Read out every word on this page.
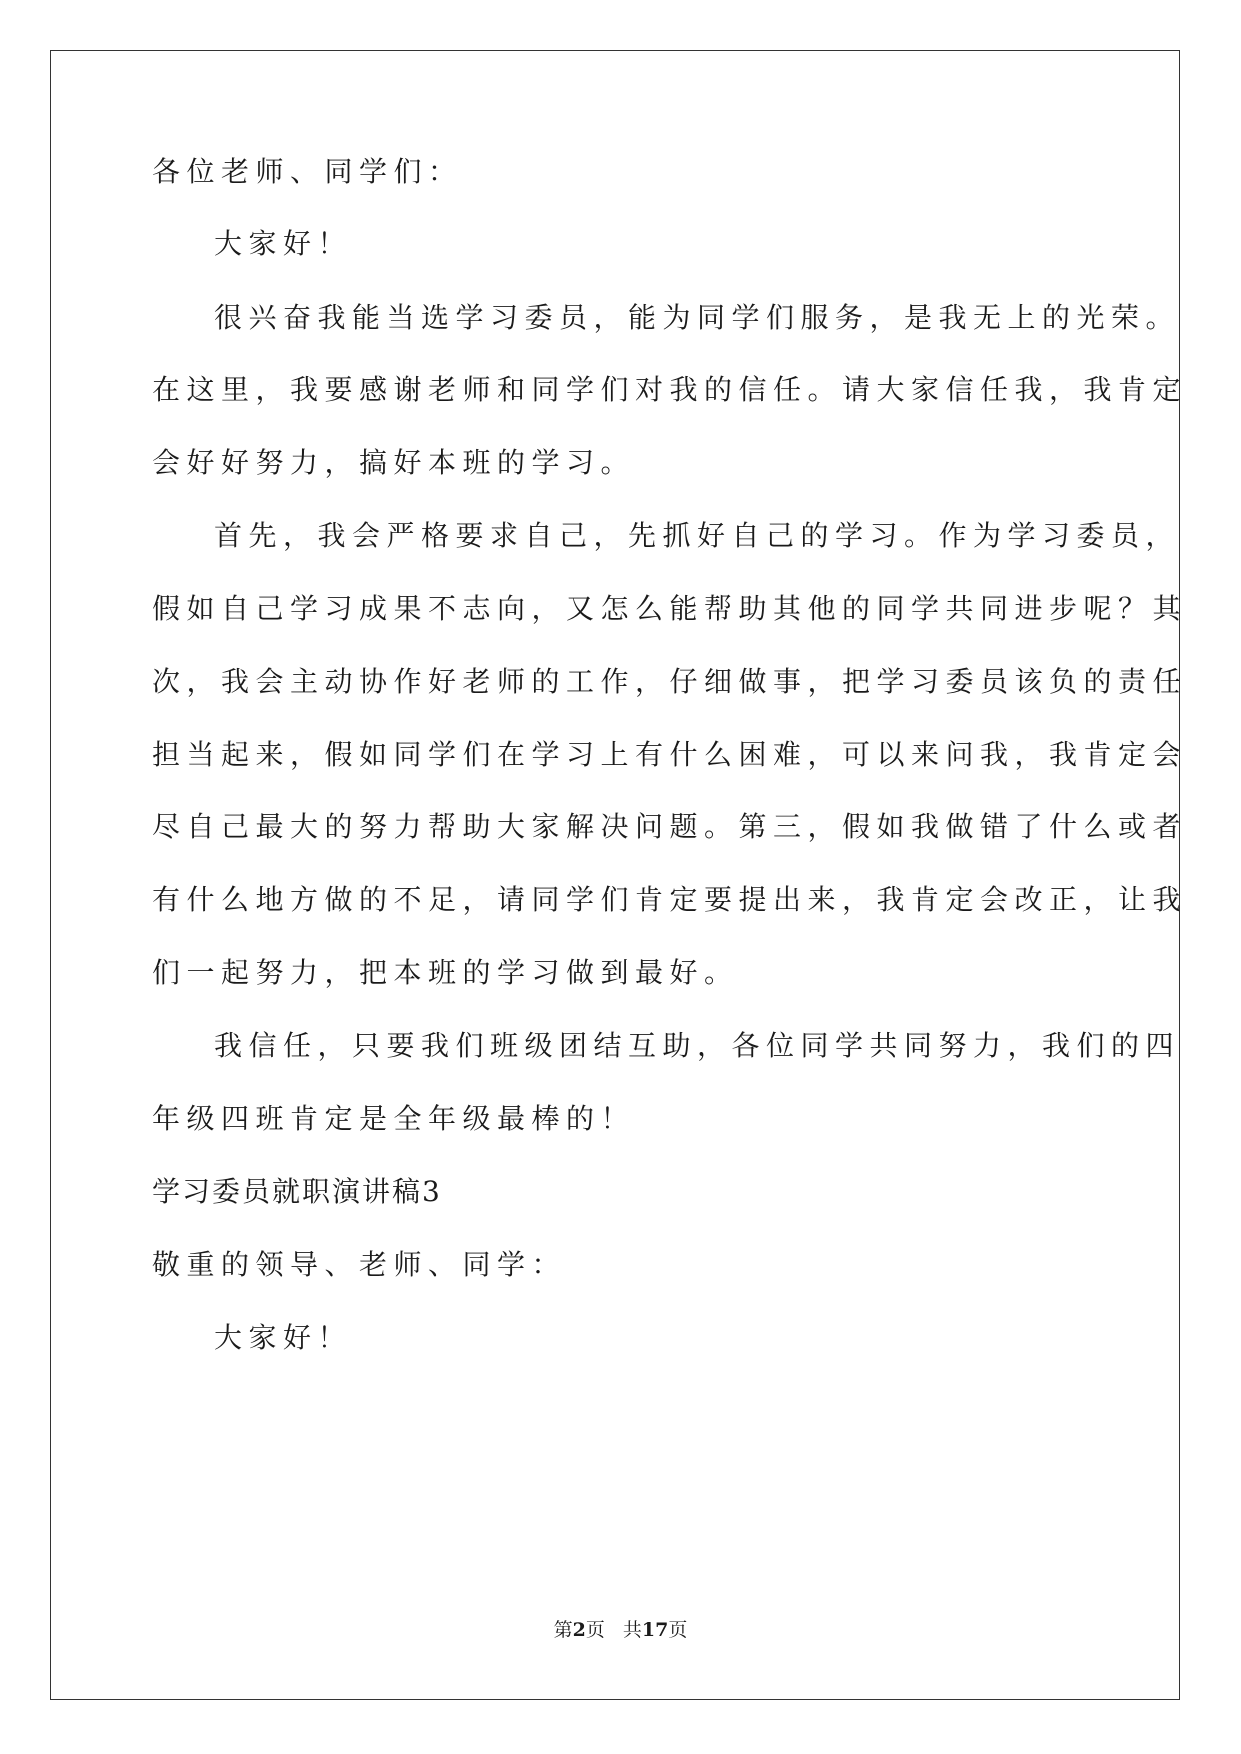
各位老师、同学们：
大家好！
很兴奋我能当选学习委员，能为同学们服务，是我无上的光荣。
在这里，我要感谢老师和同学们对我的信任。请大家信任我，我肯定
会好好努力，搞好本班的学习。
首先，我会严格要求自己，先抓好自己的学习。作为学习委员，
假如自己学习成果不志向，又怎么能帮助其他的同学共同进步呢？其
次，我会主动协作好老师的工作，仔细做事，把学习委员该负的责任
担当起来，假如同学们在学习上有什么困难，可以来问我，我肯定会
尽自己最大的努力帮助大家解决问题。第三，假如我做错了什么或者
有什么地方做的不足，请同学们肯定要提出来，我肯定会改正，让我
们一起努力，把本班的学习做到最好。
我信任，只要我们班级团结互助，各位同学共同努力，我们的四
年级四班肯定是全年级最棒的！
学习委员就职演讲稿3
敬重的领导、老师、同学：
大家好！
第2页 共17页
